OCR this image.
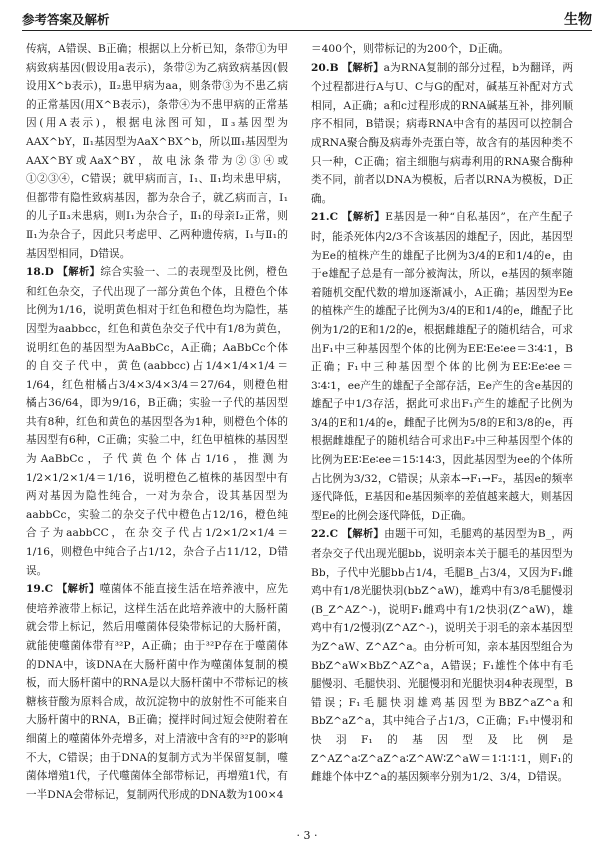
参考答案及解析	生物

传病，A错误、B正确；根据以上分析已知，条带①为甲病致病基因(假设用a表示)，条带②为乙病致病基因(假设用X^b表示)，Ⅱ₂患甲病为aa，则条带③为不患乙病的正常基因(用X^B表示)，条带④为不患甲病的正常基因(用A表示)，根据电泳图可知，Ⅱ₃基因型为AAX^bY，Ⅱ₁基因型为AaX^BX^b，所以Ⅲ₁基因型为AAX^BY或AaX^BY，故电泳条带为②③④或①②③④，C错误；就甲病而言，Ⅰ₁、Ⅱ₁均未患甲病，但都带有隐性致病基因，都为杂合子，就乙病而言，Ⅰ₁的儿子Ⅱ₃未患病，则Ⅰ₁为杂合子，Ⅱ₁的母亲Ⅰ₂正常，则Ⅱ₁为杂合子，因此只考虑甲、乙两种遗传病，Ⅰ₁与Ⅱ₁的基因型相同，D错误。

18.D 【解析】综合实验一、二的表现型及比例，橙色和红色杂交，子代出现了一部分黄色个体，且橙色个体比例为1/16，说明黄色相对于红色和橙色均为隐性，基因型为aabbcc，红色和黄色杂交子代中有1/8为黄色，说明红色的基因型为AaBbCc，A正确；AaBbCc个体的自交子代中，黄色(aabbcc)占1/4×1/4×1/4＝1/64，红色柑橘占3/4×3/4×3/4＝27/64，则橙色柑橘占36/64，即为9/16，B正确；实验一子代的基因型共有8种，红色和黄色的基因型各为1种，则橙色个体的基因型有6种，C正确；实验二中，红色甲植株的基因型为AaBbCc，子代黄色个体占1/16，推测为1/2×1/2×1/4＝1/16，说明橙色乙植株的基因型中有两对基因为隐性纯合，一对为杂合，设其基因型为aabbCc，实验二的杂交子代中橙色占12/16，橙色纯合子为aabbCC，在杂交子代占1/2×1/2×1/4＝1/16，则橙色中纯合子占1/12，杂合子占11/12，D错误。

19.C 【解析】噬菌体不能直接生活在培养液中，应先使培养液带上标记，这样生活在此培养液中的大肠杆菌就会带上标记，然后用噬菌体侵染带标记的大肠杆菌，就能使噬菌体带有³²P，A正确；由于³²P存在于噬菌体的DNA中，该DNA在大肠杆菌中作为噬菌体复制的模板，而大肠杆菌中的RNA是以大肠杆菌中不带标记的核糖核苷酸为原料合成，故沉淀物中的放射性不可能来自大肠杆菌中的RNA，B正确；搅拌时间过短会使附着在细菌上的噬菌体外壳增多，对上清液中含有的³²P的影响不大，C错误；由于DNA的复制方式为半保留复制，噬菌体增殖1代，子代噬菌体全部带标记，再增殖1代，有一半DNA会带标记，复制两代形成的DNA数为100×4

＝400个，则带标记的为200个，D正确。

20.B 【解析】a为RNA复制的部分过程，b为翻译，两个过程都进行A与U、C与G的配对，碱基互补配对方式相同，A正确；a和c过程形成的RNA碱基互补，排列顺序不相同，B错误；病毒RNA中含有的基因可以控制合成RNA聚合酶及病毒外壳蛋白等，故含有的基因种类不只一种，C正确；宿主细胞与病毒利用的RNA聚合酶种类不同，前者以DNA为模板，后者以RNA为模板，D正确。

21.C 【解析】E基因是一种“自私基因”，在产生配子时，能杀死体内2/3不含该基因的雄配子，因此，基因型为Ee的植株产生的雄配子比例为3/4的E和1/4的e，由于e雄配子总是有一部分被淘汰，所以，e基因的频率随着随机交配代数的增加逐渐减小，A正确；基因型为Ee的植株产生的雄配子比例为3/4的E和1/4的e，雌配子比例为1/2的E和1/2的e，根据雌雄配子的随机结合，可求出F₁中三种基因型个体的比例为EE∶Ee∶ee＝3∶4∶1，B正确；F₁中三种基因型个体的比例为EE∶Ee∶ee＝3∶4∶1，ee产生的雄配子全部存活，Ee产生的含e基因的雄配子中1/3存活，据此可求出F₁产生的雄配子比例为3/4的E和1/4的e，雌配子比例为5/8的E和3/8的e，再根据雌雄配子的随机结合可求出F₂中三种基因型个体的比例为EE∶Ee∶ee＝15∶14∶3，因此基因型为ee的个体所占比例为3/32，C错误；从亲本→F₁→F₂，基因e的频率逐代降低，E基因和e基因频率的差值越来越大，则基因型Ee的比例会逐代降低，D正确。

22.C 【解析】由题干可知，毛腿鸡的基因型为B_，两者杂交子代出现光腿bb，说明亲本关于腿毛的基因型为Bb，子代中光腿bb占1/4，毛腿B_占3/4，又因为F₁雌鸡中有1/8光腿快羽(bbZ^aW)，雄鸡中有3/8毛腿慢羽(B_Z^AZ^-)，说明F₁雌鸡中有1/2快羽(Z^aW)，雄鸡中有1/2慢羽(Z^AZ^-)，说明关于羽毛的亲本基因型为Z^aW、Z^AZ^a。由分析可知，亲本基因型组合为BbZ^aW×BbZ^AZ^a，A错误；F₁雄性个体中有毛腿慢羽、毛腿快羽、光腿慢羽和光腿快羽4种表现型，B错误；F₁毛腿快羽雄鸡基因型为BBZ^aZ^a和BbZ^aZ^a，其中纯合子占1/3，C正确；F₁中慢羽和快羽F₁的基因型及比例是Z^AZ^a∶Z^aZ^a∶Z^AW∶Z^aW＝1∶1∶1∶1，则F₁的雌雄个体中Z^a的基因频率分别为1/2、3/4，D错误。

· 3 ·
